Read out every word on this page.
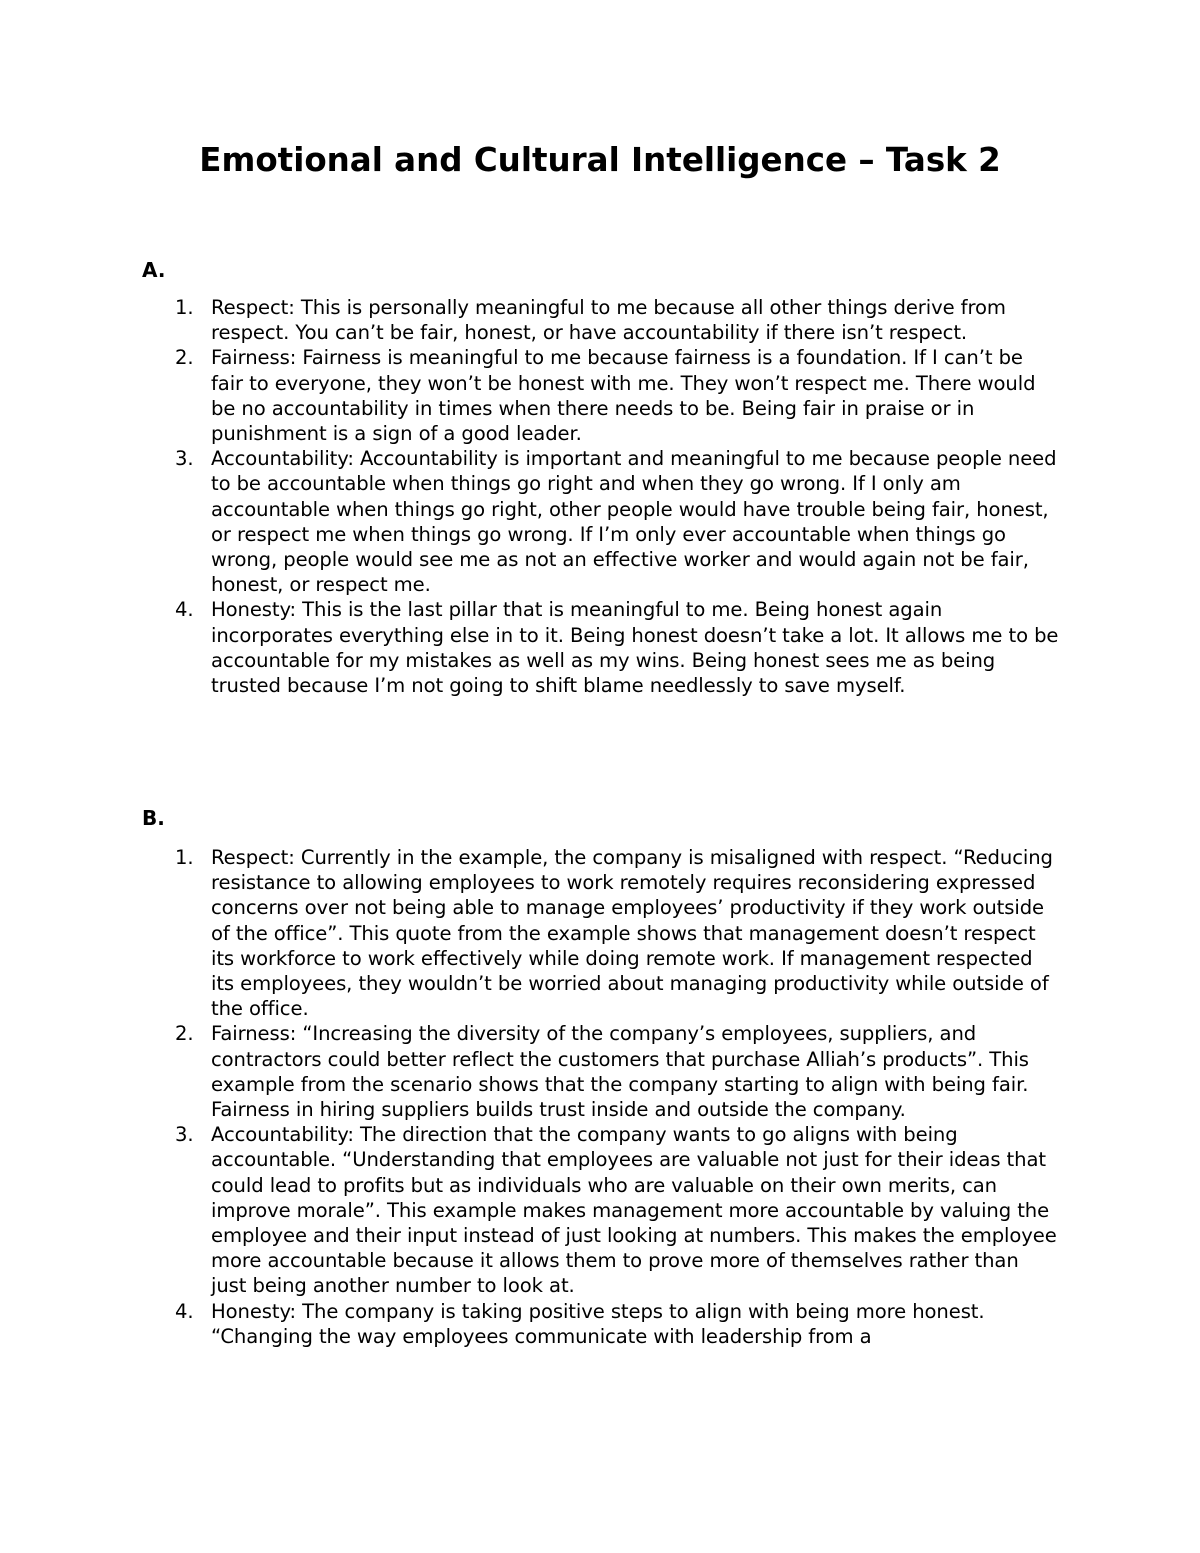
Emotional and Cultural Intelligence – Task 2
A.
1. Respect: This is personally meaningful to me because all other things derive from respect. You can’t be fair, honest, or have accountability if there isn’t respect.
2. Fairness: Fairness is meaningful to me because fairness is a foundation. If I can’t be fair to everyone, they won’t be honest with me. They won’t respect me. There would be no accountability in times when there needs to be. Being fair in praise or in punishment is a sign of a good leader.
3. Accountability: Accountability is important and meaningful to me because people need to be accountable when things go right and when they go wrong. If I only am accountable when things go right, other people would have trouble being fair, honest, or respect me when things go wrong. If I’m only ever accountable when things go wrong, people would see me as not an effective worker and would again not be fair, honest, or respect me.
4. Honesty: This is the last pillar that is meaningful to me. Being honest again incorporates everything else in to it. Being honest doesn’t take a lot. It allows me to be accountable for my mistakes as well as my wins. Being honest sees me as being trusted because I’m not going to shift blame needlessly to save myself.
B.
1. Respect: Currently in the example, the company is misaligned with respect. “Reducing resistance to allowing employees to work remotely requires reconsidering expressed concerns over not being able to manage employees’ productivity if they work outside of the office”. This quote from the example shows that management doesn’t respect its workforce to work effectively while doing remote work. If management respected its employees, they wouldn’t be worried about managing productivity while outside of the office.
2. Fairness: “Increasing the diversity of the company’s employees, suppliers, and contractors could better reflect the customers that purchase Alliah’s products”. This example from the scenario shows that the company starting to align with being fair. Fairness in hiring suppliers builds trust inside and outside the company.
3. Accountability: The direction that the company wants to go aligns with being accountable. “Understanding that employees are valuable not just for their ideas that could lead to profits but as individuals who are valuable on their own merits, can improve morale”. This example makes management more accountable by valuing the employee and their input instead of just looking at numbers. This makes the employee more accountable because it allows them to prove more of themselves rather than just being another number to look at.
4. Honesty: The company is taking positive steps to align with being more honest. “Changing the way employees communicate with leadership from a
